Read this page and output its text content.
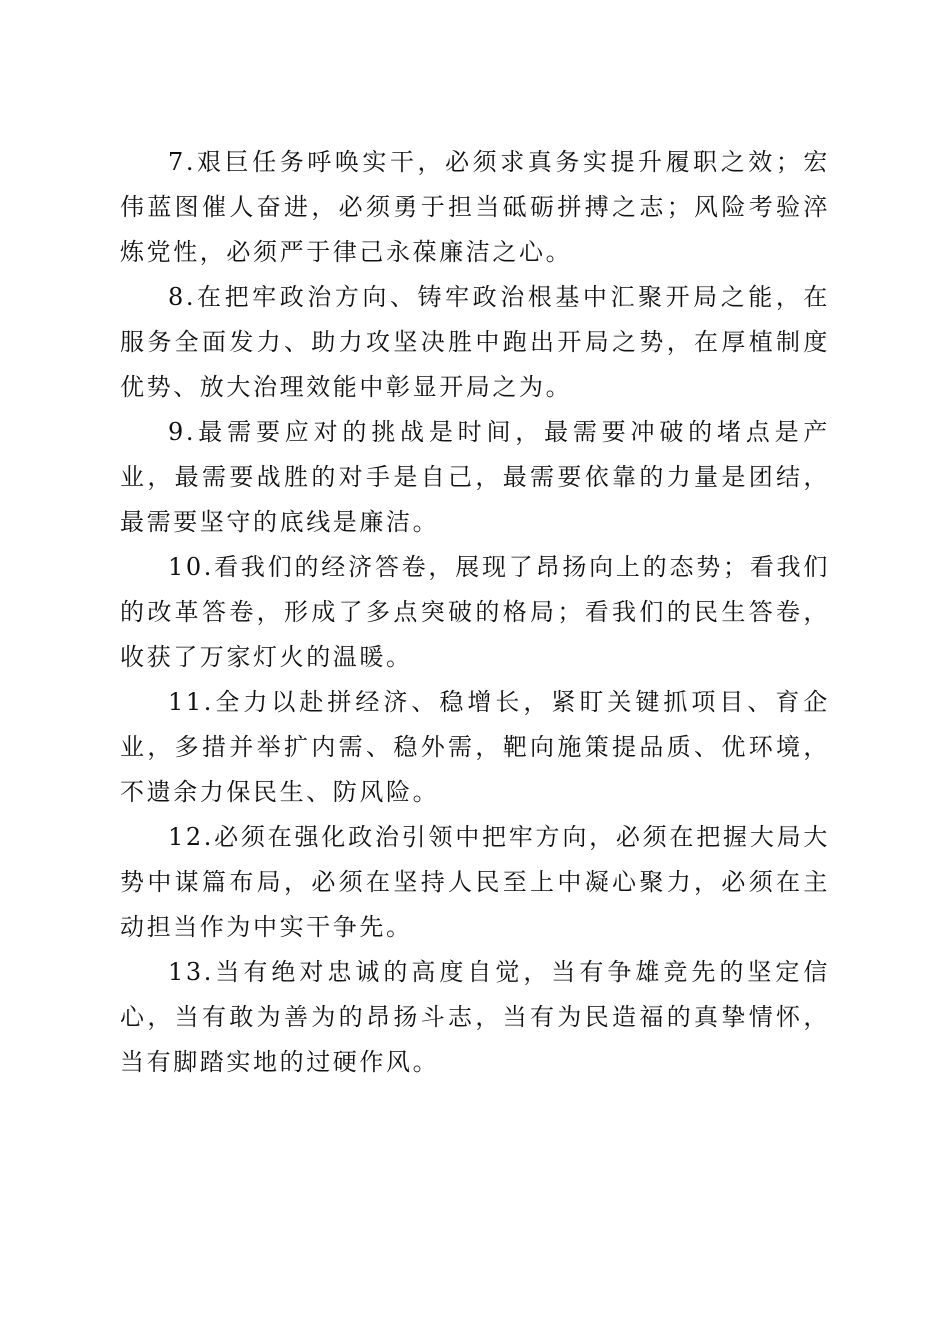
7.艰巨任务呼唤实干，必须求真务实提升履职之效；宏伟蓝图催人奋进，必须勇于担当砥砺拼搏之志；风险考验淬炼党性，必须严于律己永葆廉洁之心。

8.在把牢政治方向、铸牢政治根基中汇聚开局之能，在服务全面发力、助力攻坚决胜中跑出开局之势，在厚植制度优势、放大治理效能中彰显开局之为。

9.最需要应对的挑战是时间，最需要冲破的堵点是产业，最需要战胜的对手是自己，最需要依靠的力量是团结，最需要坚守的底线是廉洁。

10.看我们的经济答卷，展现了昂扬向上的态势；看我们的改革答卷，形成了多点突破的格局；看我们的民生答卷，收获了万家灯火的温暖。

11.全力以赴拼经济、稳增长，紧盯关键抓项目、育企业，多措并举扩内需、稳外需，靶向施策提品质、优环境，不遗余力保民生、防风险。

12.必须在强化政治引领中把牢方向，必须在把握大局大势中谋篇布局，必须在坚持人民至上中凝心聚力，必须在主动担当作为中实干争先。

13.当有绝对忠诚的高度自觉，当有争雄竞先的坚定信心，当有敢为善为的昂扬斗志，当有为民造福的真挚情怀，当有脚踏实地的过硬作风。
